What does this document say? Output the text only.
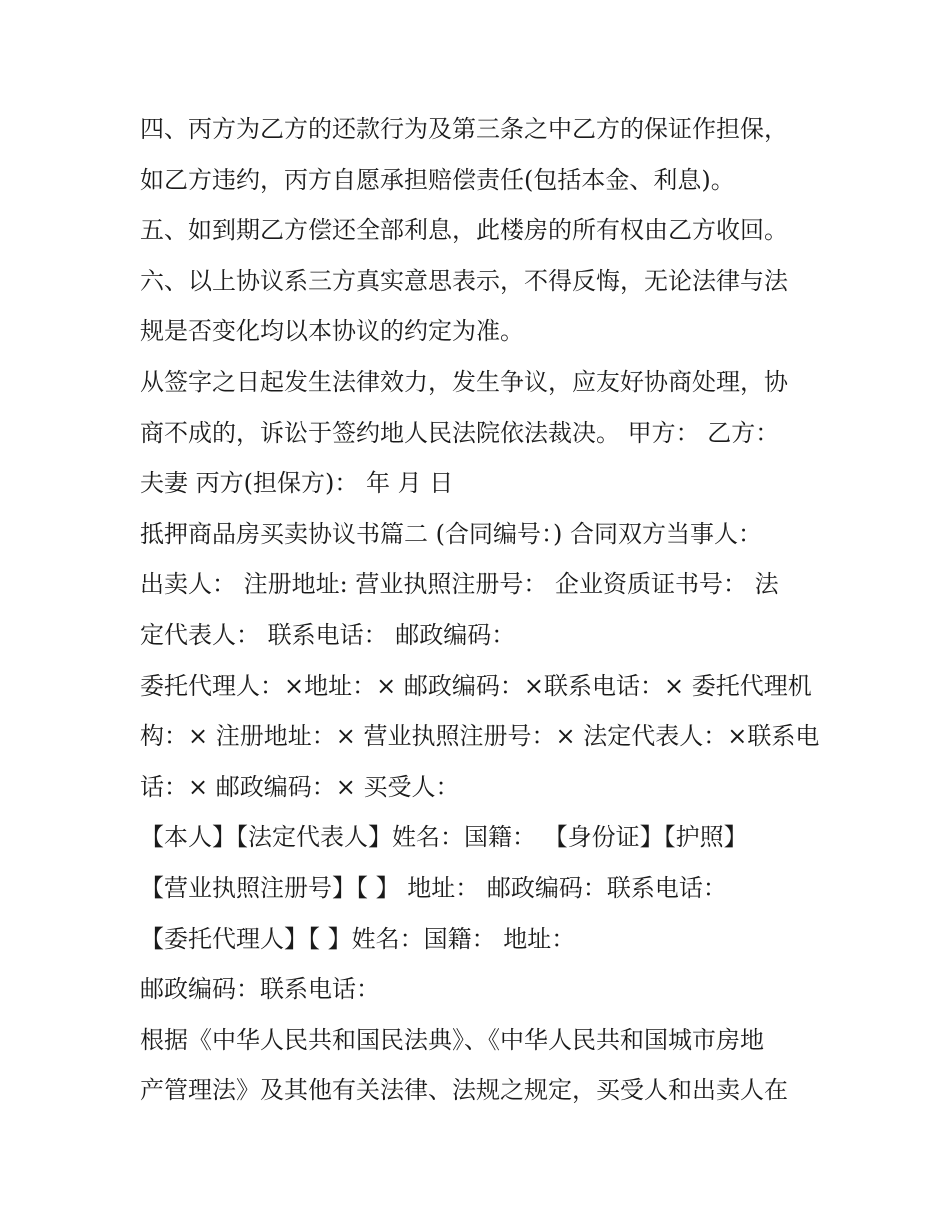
四、丙方为乙方的还款行为及第三条之中乙方的保证作担保，
如乙方违约，丙方自愿承担赔偿责任(包括本金、利息)。
五、如到期乙方偿还全部利息，此楼房的所有权由乙方收回。
六、以上协议系三方真实意思表示，不得反悔，无论法律与法
规是否变化均以本协议的约定为准。
从签字之日起发生法律效力，发生争议，应友好协商处理，协
商不成的，诉讼于签约地人民法院依法裁决。 甲方： 乙方：
夫妻 丙方(担保方)： 年 月 日
抵押商品房买卖协议书篇二 (合同编号：) 合同双方当事人：
出卖人： 注册地址: 营业执照注册号： 企业资质证书号： 法
定代表人： 联系电话： 邮政编码：
委托代理人：×地址：× 邮政编码：×联系电话：× 委托代理机
构：× 注册地址：× 营业执照注册号：× 法定代表人：×联系电
话：× 邮政编码：× 买受人：
【本人】【法定代表人】姓名：国籍： 【身份证】【护照】
【营业执照注册号】【 】 地址： 邮政编码：联系电话：
【委托代理人】【 】姓名：国籍： 地址：
邮政编码：联系电话：
根据《中华人民共和国民法典》、《中华人民共和国城市房地
产管理法》及其他有关法律、法规之规定，买受人和出卖人在
